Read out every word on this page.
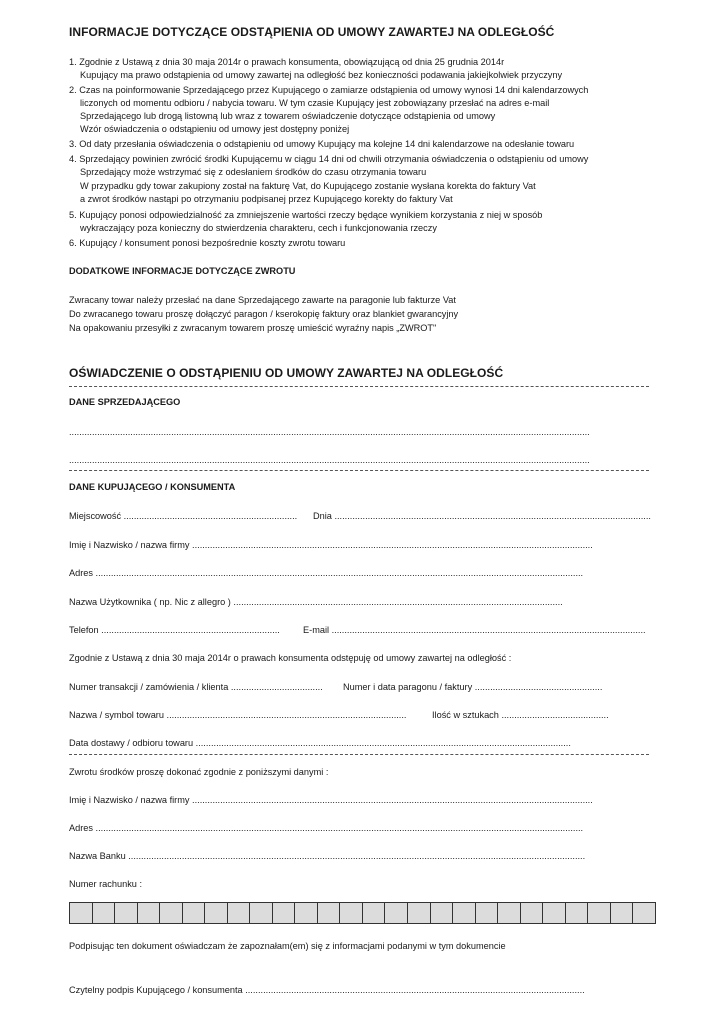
INFORMACJE DOTYCZĄCE ODSTĄPIENIA OD UMOWY ZAWARTEJ NA ODLEGŁOŚĆ
1. Zgodnie z Ustawą z dnia 30 maja 2014r o prawach konsumenta, obowiązującą od dnia 25 grudnia 2014r
Kupujący ma prawo odstąpienia od umowy zawartej na odległość bez konieczności podawania jakiejkolwiek przyczyny
2. Czas na poinformowanie Sprzedającego przez Kupującego o zamiarze odstąpienia od umowy wynosi 14 dni kalendarzowych
liczonych od momentu odbioru / nabycia towaru. W tym czasie Kupujący jest zobowiązany przesłać na adres e-mail
Sprzedającego lub drogą listowną lub wraz z towarem oświadczenie dotyczące odstąpienia od umowy
Wzór oświadczenia o odstąpieniu od umowy jest dostępny poniżej
3. Od daty przesłania oświadczenia o odstąpieniu od umowy Kupujący ma kolejne 14 dni kalendarzowe na odesłanie towaru
4. Sprzedający powinien zwrócić środki Kupującemu w ciągu 14 dni od chwili otrzymania oświadczenia o odstąpieniu od umowy
Sprzedający może wstrzymać się z odesłaniem środków do czasu otrzymania towaru
W przypadku gdy towar zakupiony został na fakturę Vat, do Kupującego zostanie wysłana korekta do faktury Vat
a zwrot środków nastąpi po otrzymaniu podpisanej przez Kupującego korekty do faktury Vat
5. Kupujący ponosi odpowiedzialność za zmniejszenie wartości rzeczy będące wynikiem korzystania z niej w sposób
wykraczający poza konieczny do stwierdzenia charakteru, cech i funkcjonowania rzeczy
6. Kupujący / konsument ponosi bezpośrednie koszty zwrotu towaru
DODATKOWE INFORMACJE DOTYCZĄCE ZWROTU
Zwracany towar należy przesłać na dane Sprzedającego zawarte na paragonie lub fakturze Vat
Do zwracanego towaru proszę dołączyć paragon / kserokopię faktury oraz blankiet gwarancyjny
Na opakowaniu przesyłki z zwracanym towarem proszę umieścić wyraźny napis „ZWROT"
OŚWIADCZENIE O ODSTĄPIENIU OD UMOWY ZAWARTEJ NA ODLEGŁOŚĆ
DANE SPRZEDAJĄCEGO
............................................................................................................................................................................................................
............................................................................................................................................................................................................
DANE KUPUJĄCEGO / KONSUMENTA
Miejscowość .................................................................... Dnia ............................................................................................................................
Imię i Nazwisko / nazwa firmy .............................................................................................................................................................
Adres ...............................................................................................................................................................................................
Nazwa Użytkownika ( np. Nic z allegro ) .................................................................................................................................
Telefon ......................................................................	E-mail ...........................................................................................................................
Zgodnie z Ustawą z dnia 30 maja 2014r o prawach konsumenta odstępuję od umowy zawartej na odległość :
Numer transakcji / zamówienia / klienta .................................... Numer i data paragonu / faktury ..................................................
Nazwa / symbol towaru ..............................................................................................	Ilość w sztukach ..........................................
Data dostawy / odbioru towaru ...................................................................................................................................................
Zwrotu środków proszę dokonać zgodnie z poniższymi danymi :
Imię i Nazwisko / nazwa firmy .............................................................................................................................................................
Adres ...............................................................................................................................................................................................
Nazwa Banku ...................................................................................................................................................................................
Numer rachunku :
Podpisując ten dokument oświadczam że zapoznałam(em) się z informacjami podanymi w tym dokumencie
Czytelny podpis Kupującego / konsumenta .....................................................................................................................................
